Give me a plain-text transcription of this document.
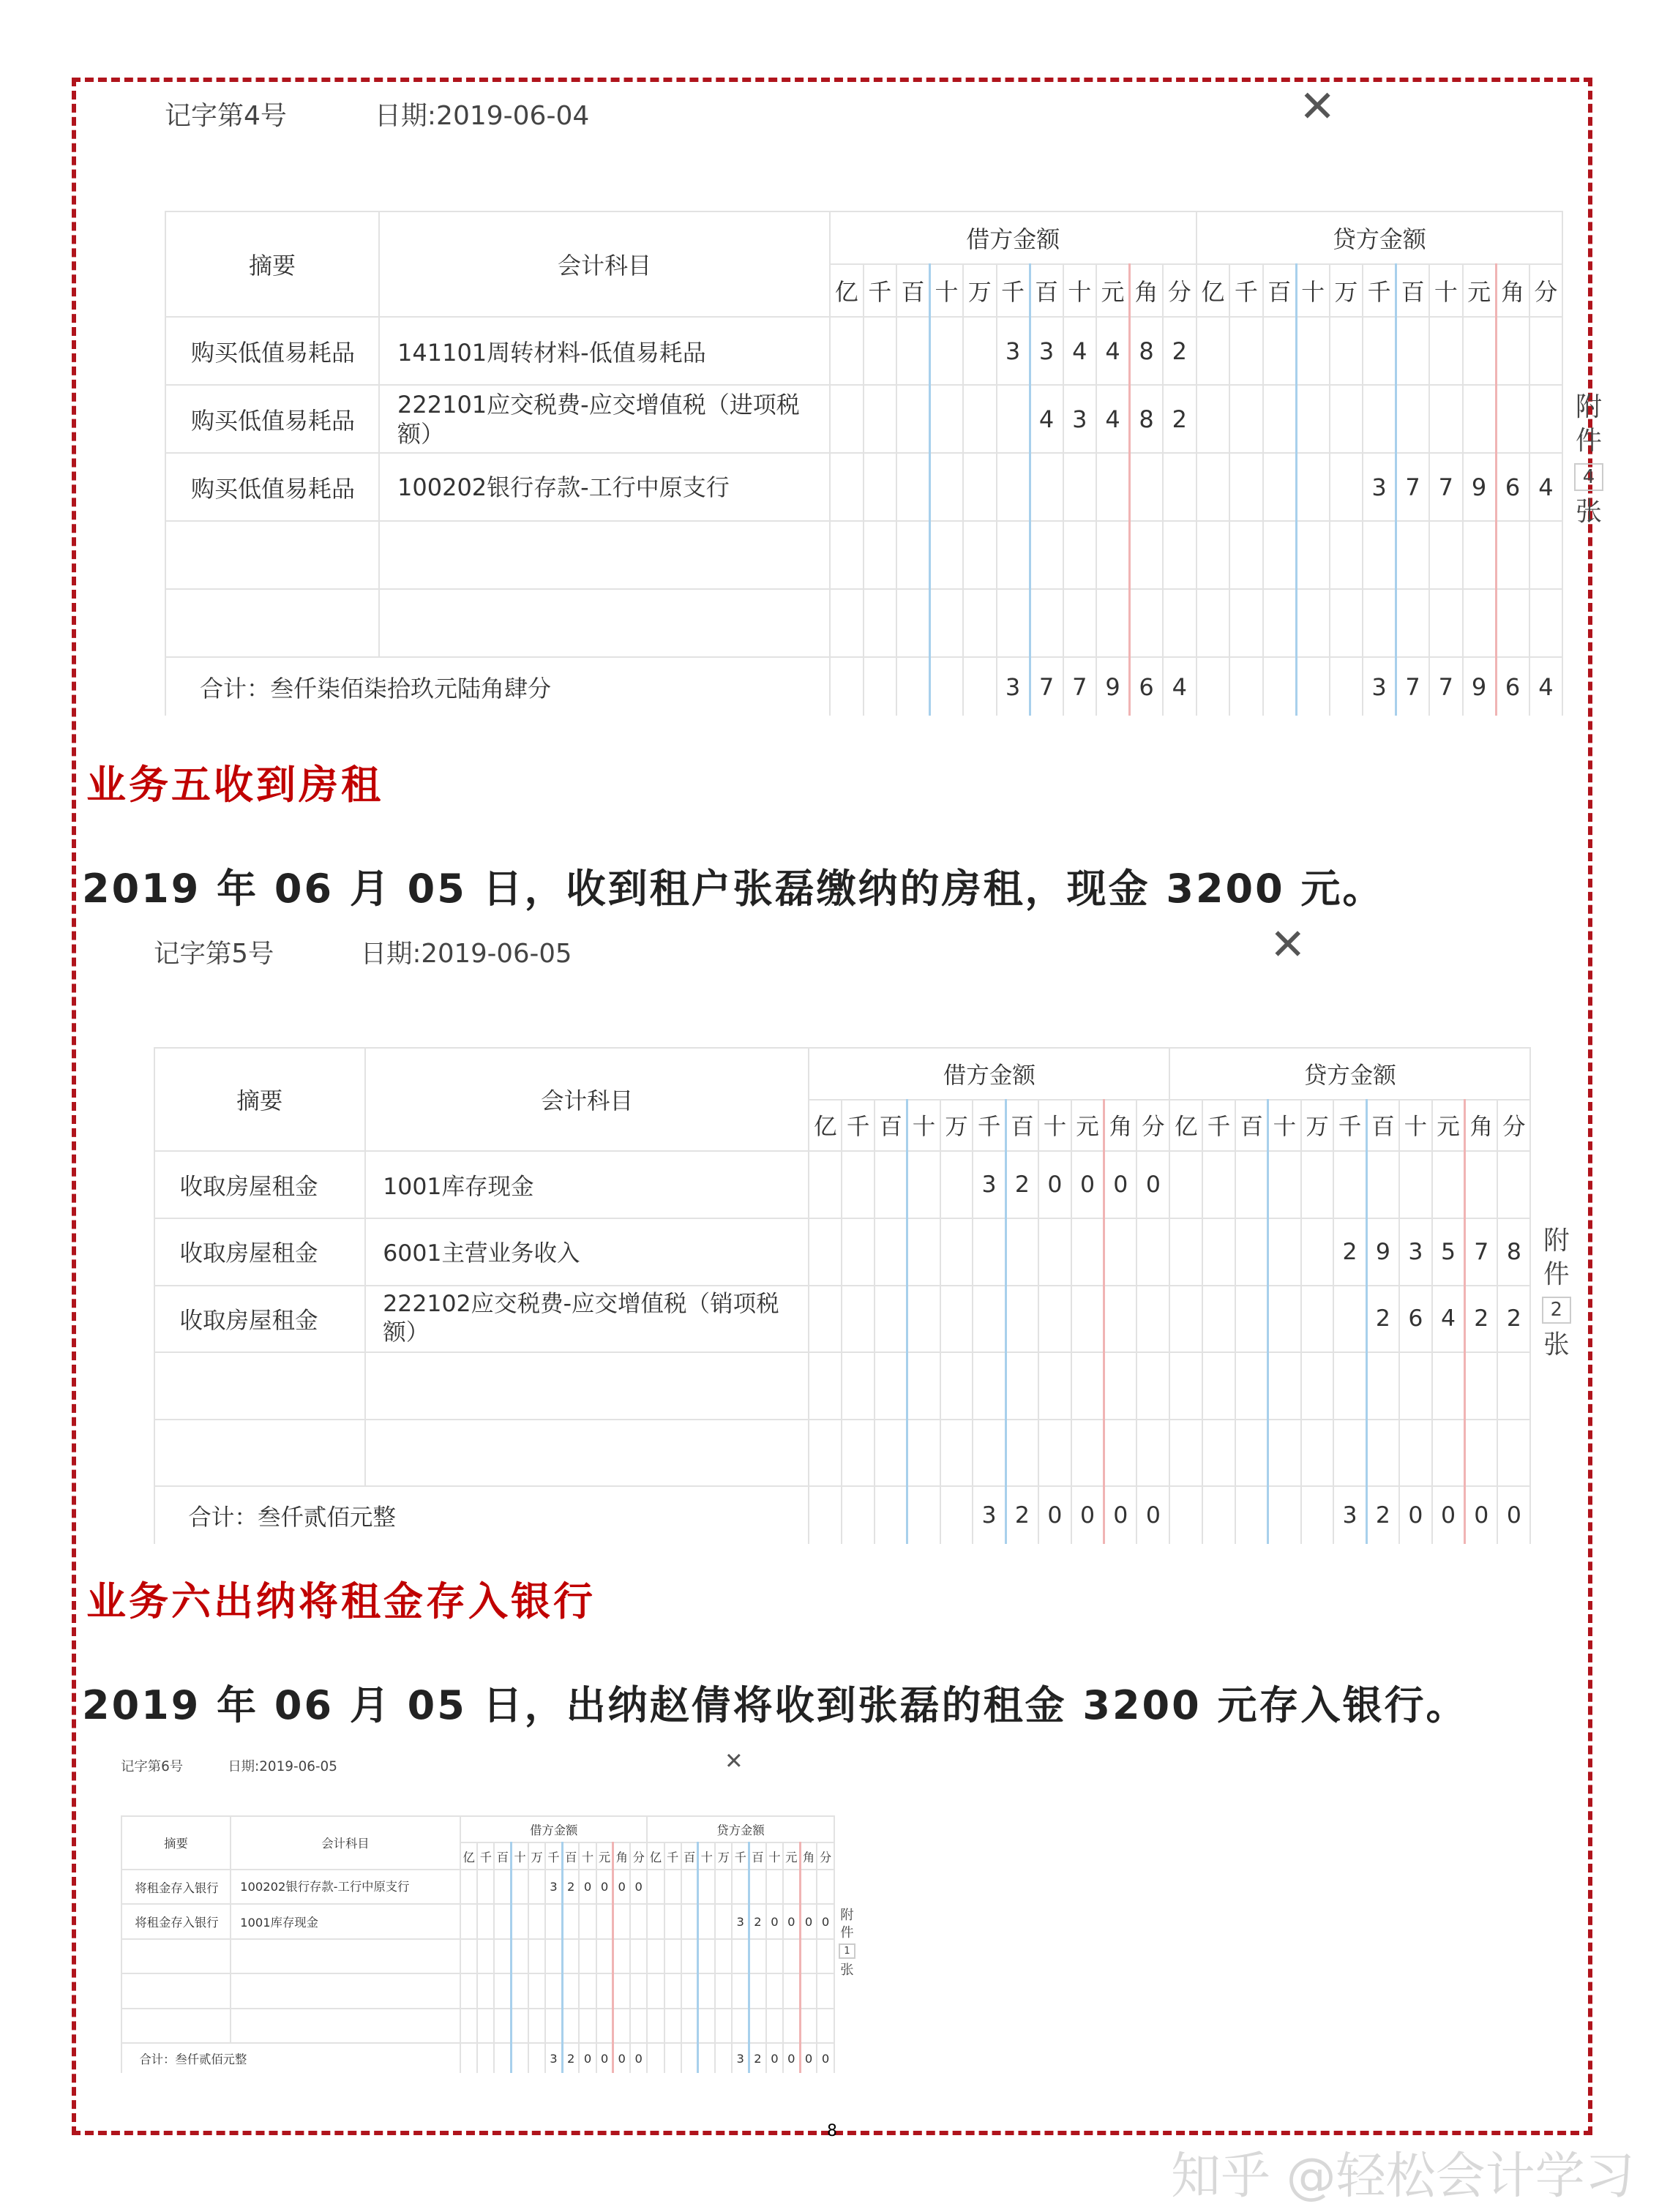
记字第4号	日期:2019-06-04	✕
摘要	会计科目	借方金额											贷方金额										
		亿	千	百	十	万	千	百	十	元	角	分	亿	千	百	十	万	千	百	十	元	角	分
购买低值易耗品	141101周转材料-低值易耗品						3	3	4	4	8	2											
购买低值易耗品	222101应交税费-应交增值税（进项税额）							4	3	4	8	2											
购买低值易耗品	100202银行存款-工行中原支行																	3	7	7	9	6	4

合计：叁仟柒佰柒拾玖元陆角肆分							3	7	7	9	6	4						3	7	7	9	6	4
附
件
4
张
业务五收到房租
2019 年 06 月 05 日，收到租户张磊缴纳的房租，现金 3200 元。
记字第5号	日期:2019-06-05	✕
摘要	会计科目	借方金额											贷方金额										
		亿	千	百	十	万	千	百	十	元	角	分	亿	千	百	十	万	千	百	十	元	角	分
收取房屋租金	1001库存现金						3	2	0	0	0	0											
收取房屋租金	6001主营业务收入																	2	9	3	5	7	8
收取房屋租金	222102应交税费-应交增值税（销项税额）																		2	6	4	2	2

合计：叁仟贰佰元整							3	2	0	0	0	0						3	2	0	0	0	0
附
件
2
张
业务六出纳将租金存入银行
2019 年 06 月 05 日，出纳赵倩将收到张磊的租金 3200 元存入银行。
记字第6号	日期:2019-06-05	✕
摘要	会计科目	借方金额											贷方金额										
		亿	千	百	十	万	千	百	十	元	角	分	亿	千	百	十	万	千	百	十	元	角	分
将租金存入银行	100202银行存款-工行中原支行						3	2	0	0	0	0											
将租金存入银行	1001库存现金																	3	2	0	0	0	0

合计：叁仟贰佰元整							3	2	0	0	0	0						3	2	0	0	0	0
附
件
1
张
8
知乎 @轻松会计学习
